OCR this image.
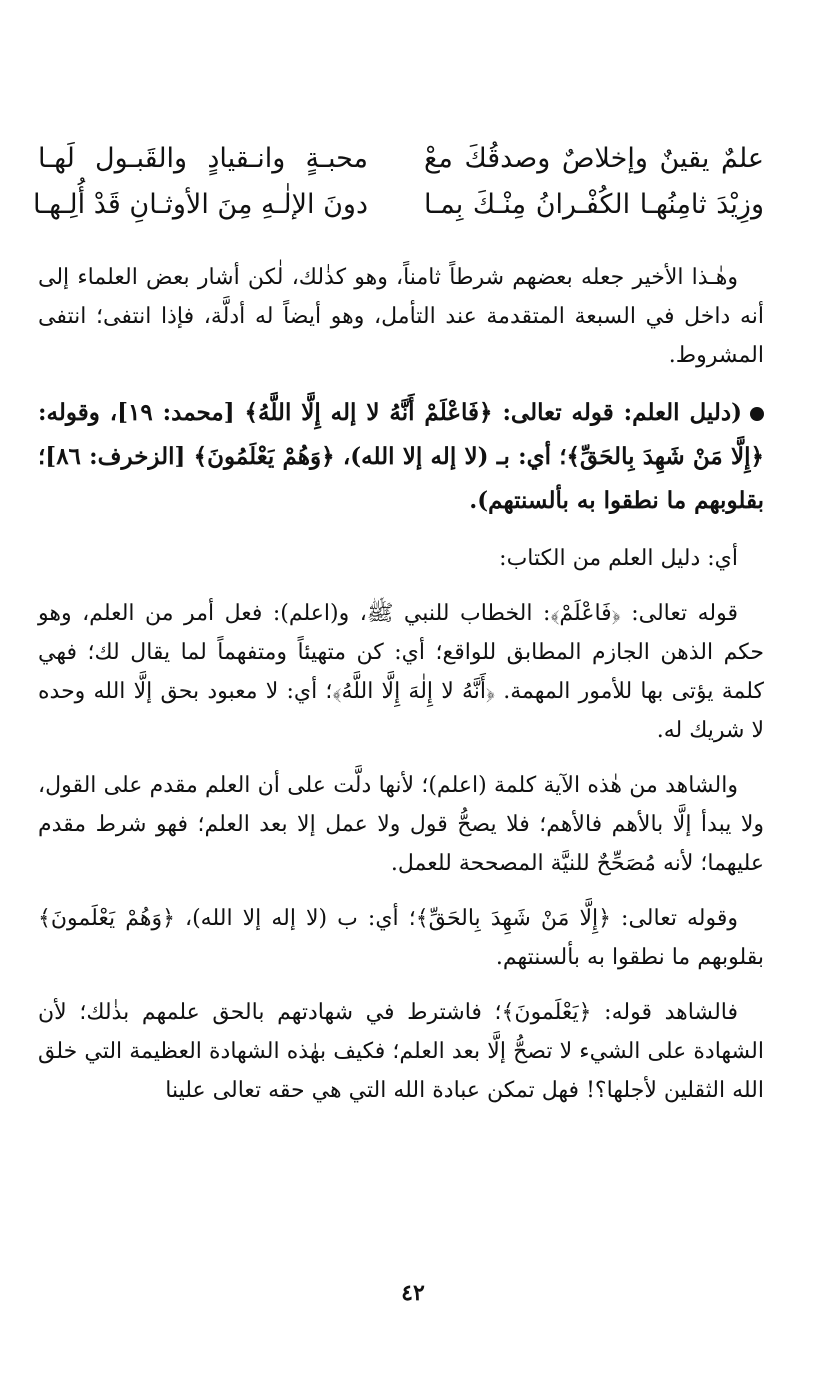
علمٌ يقينٌ وإخلاصٌ وصدقُكَ معْ
محبـةٍ وانـقيادٍ والقَبـول لَهـا
وزِيْدَ ثامِنُهـا الكُفْـرانُ مِنْـكَ بِمـا
دونَ الإلٰـهِ مِنَ الأوثـانِ قَدْ أُلِـهـا

وهٰـذا الأخير جعله بعضهم شرطاً ثامناً، وهو كذٰلك، لٰكن أشار بعض العلماء إلى أنه داخل في السبعة المتقدمة عند التأمل، وهو أيضاً له أدلَّة، فإذا انتفى؛ انتفى المشروط.

(دليل العلم: قوله تعالى: ﴿فَاعْلَمْ أَنَّهُ لا إله إِلَّا اللَّهُ﴾ [محمد: ١٩]، وقوله: ﴿إِلَّا مَنْ شَهِدَ بِالحَقِّ﴾؛ أي: بـ (لا إله إلا الله)، ﴿وَهُمْ يَعْلَمُونَ﴾ [الزخرف: ٨٦]؛ بقلوبهم ما نطقوا به بألسنتهم).

أي: دليل العلم من الكتاب:

قوله تعالى: ﴿فَاعْلَمْ﴾: الخطاب للنبي ﷺ، و(اعلم): فعل أمر من العلم، وهو حكم الذهن الجازم المطابق للواقع؛ أي: كن متهيئاً ومتفهماً لما يقال لك؛ فهي كلمة يؤتى بها للأمور المهمة. ﴿أَنَّهُ لا إِلٰهَ إِلَّا اللَّهُ﴾؛ أي: لا معبود بحق إلَّا الله وحده لا شريك له.

والشاهد من هٰذه الآية كلمة (اعلم)؛ لأنها دلَّت على أن العلم مقدم على القول، ولا يبدأ إلَّا بالأهم فالأهم؛ فلا يصحُّ قول ولا عمل إلا بعد العلم؛ فهو شرط مقدم عليهما؛ لأنه مُصَحِّحٌ للنيَّة المصححة للعمل.

وقوله تعالى: ﴿إِلَّا مَنْ شَهِدَ بِالحَقِّ﴾؛ أي: ب (لا إله إلا الله)، ﴿وَهُمْ يَعْلَمونَ﴾ بقلوبهم ما نطقوا به بألسنتهم.

فالشاهد قوله: ﴿يَعْلَمونَ﴾؛ فاشترط في شهادتهم بالحق علمهم بذٰلك؛ لأن الشهادة على الشيء لا تصحُّ إلَّا بعد العلم؛ فكيف بهٰذه الشهادة العظيمة التي خلق الله الثقلين لأجلها؟! فهل تمكن عبادة الله التي هي حقه تعالى علينا

٤٢
